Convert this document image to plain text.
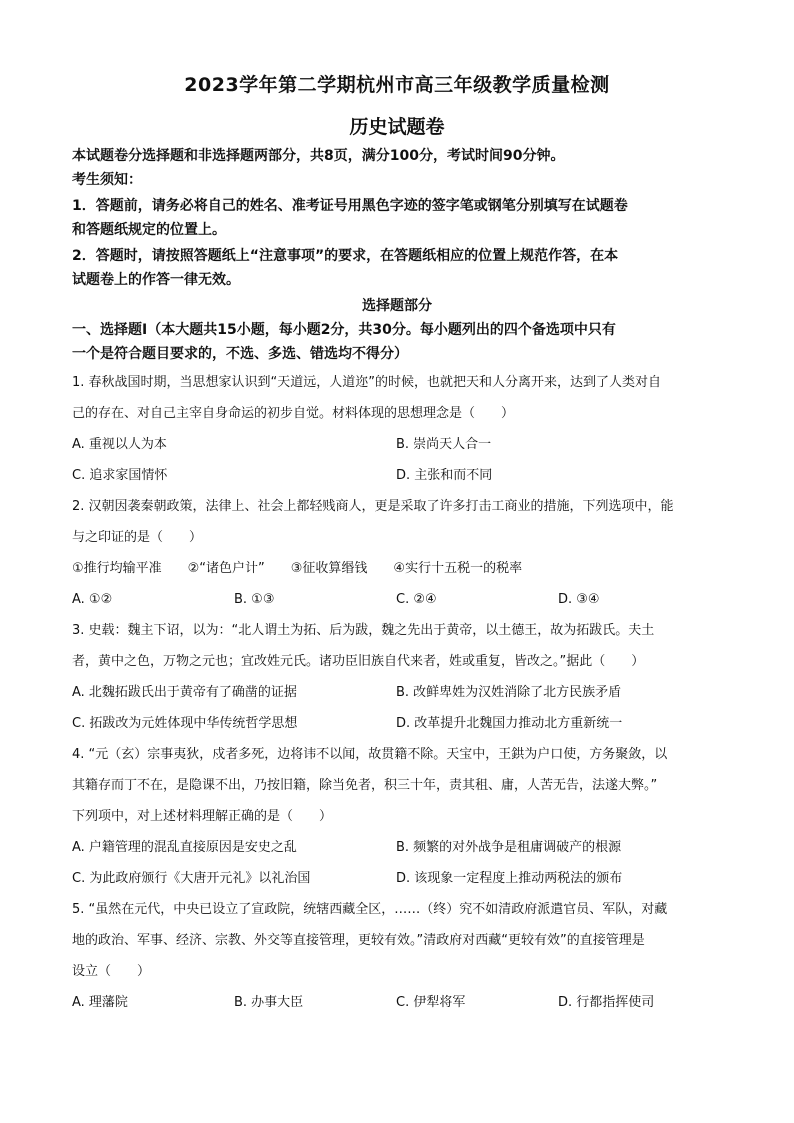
2023学年第二学期杭州市高三年级教学质量检测
历史试题卷
本试题卷分选择题和非选择题两部分，共8页，满分100分，考试时间90分钟。
考生须知：
1．答题前，请务必将自己的姓名、准考证号用黑色字迹的签字笔或钢笔分别填写在试题卷
和答题纸规定的位置上。
2．答题时，请按照答题纸上“注意事项”的要求，在答题纸相应的位置上规范作答，在本
试题卷上的作答一律无效。
选择题部分
一、选择题Ⅰ（本大题共15小题，每小题2分，共30分。每小题列出的四个备选项中只有
一个是符合题目要求的，不选、多选、错选均不得分）
1. 春秋战国时期，当思想家认识到“天道远，人道迩”的时候，也就把天和人分离开来，达到了人类对自
己的存在、对自己主宰自身命运的初步自觉。材料体现的思想理念是（　　）
A. 重视以人为本	B. 崇尚天人合一
C. 追求家国情怀	D. 主张和而不同
2. 汉朝因袭秦朝政策，法律上、社会上都轻贱商人，更是采取了许多打击工商业的措施，下列选项中，能
与之印证的是（　　）
①推行均输平准　　②“诸色户计”　　③征收算缗钱　　④实行十五税一的税率
A. ①②	B. ①③	C. ②④	D. ③④
3. 史载：魏主下诏，以为：“北人谓土为拓、后为跋，魏之先出于黄帝，以土德王，故为拓跋氏。夫土
者，黄中之色，万物之元也；宜改姓元氏。诸功臣旧族自代来者，姓或重复，皆改之。”据此（　　）
A. 北魏拓跋氏出于黄帝有了确凿的证据	B. 改鲜卑姓为汉姓消除了北方民族矛盾
C. 拓跋改为元姓体现中华传统哲学思想	D. 改革提升北魏国力推动北方重新统一
4. “元（玄）宗事夷狄，戍者多死，边将讳不以闻，故贯籍不除。天宝中，王鉷为户口使，方务聚敛，以
其籍存而丁不在，是隐课不出，乃按旧籍，除当免者，积三十年，责其租、庸，人苦无告，法遂大弊。”
下列项中，对上述材料理解正确的是（　　）
A. 户籍管理的混乱直接原因是安史之乱	B. 频繁的对外战争是租庸调破产的根源
C. 为此政府颁行《大唐开元礼》以礼治国	D. 该现象一定程度上推动两税法的颁布
5. “虽然在元代，中央已设立了宣政院，统辖西藏全区，……（终）究不如清政府派遣官员、军队，对藏
地的政治、军事、经济、宗教、外交等直接管理，更较有效。”清政府对西藏“更较有效”的直接管理是
设立（　　）
A. 理藩院	B. 办事大臣	C. 伊犁将军	D. 行都指挥使司
